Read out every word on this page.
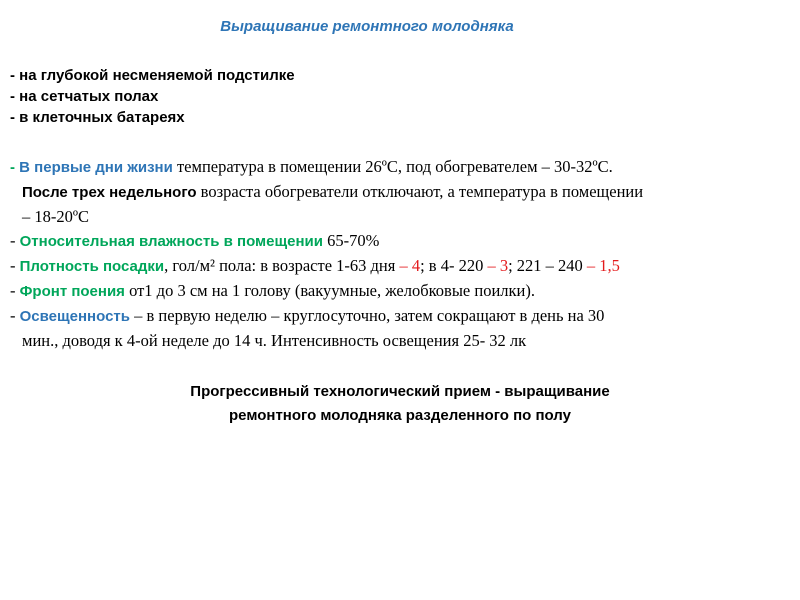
Выращивание ремонтного молодняка
- на глубокой несменяемой подстилке
- на сетчатых полах
- в клеточных батареях
- В первые дни жизни температура в помещении 26ºС, под обогревателем – 30-32ºС.
После трех недельного возраста обогреватели отключают, а температура в помещении
– 18-20ºС
- Относительная влажность в помещении 65-70%
- Плотность посадки, гол/м² пола: в возрасте 1-63 дня – 4; в 4- 220 – 3; 221 – 240 – 1,5
- Фронт поения от1 до 3 см на 1 голову (вакуумные, желобковые поилки).
- Освещенность – в первую неделю – круглосуточно, затем сокращают в день на 30
мин., доводя к 4-ой неделе до 14 ч. Интенсивность освещения 25- 32 лк
Прогрессивный технологический прием - выращивание
ремонтного молодняка разделенного по полу
